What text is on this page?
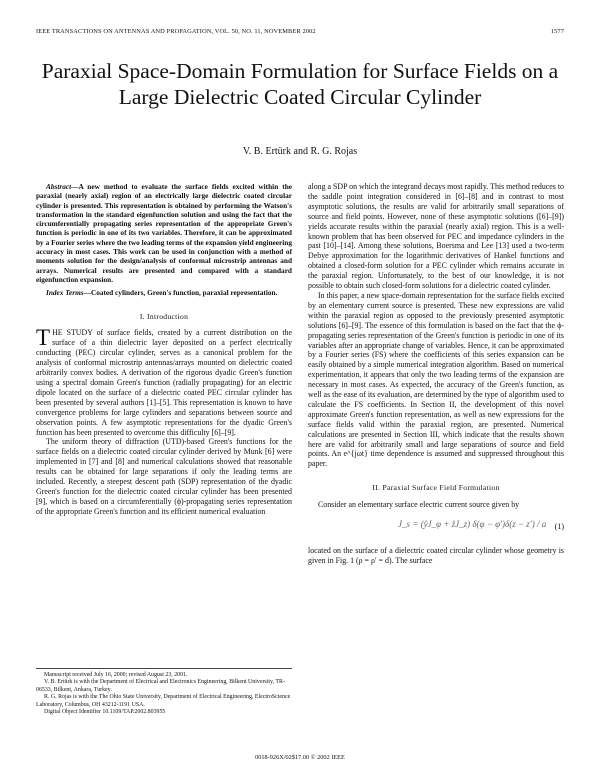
IEEE TRANSACTIONS ON ANTENNAS AND PROPAGATION, VOL. 50, NO. 11, NOVEMBER 2002	1577
Paraxial Space-Domain Formulation for Surface Fields on a Large Dielectric Coated Circular Cylinder
V. B. Ertürk and R. G. Rojas

Abstract—A new method to evaluate the surface fields excited within the paraxial (nearly axial) region of an electrically large dielectric coated circular cylinder is presented. This representation is obtained by performing the Watson's transformation in the standard eigenfunction solution and using the fact that the circumferentially propagating series representation of the appropriate Green's function is periodic in one of its two variables. Therefore, it can be approximated by a Fourier series where the two leading terms of the expansion yield engineering accuracy in most cases. This work can be used in conjunction with a method of moments solution for the design/analysis of conformal microstrip antennas and arrays. Numerical results are presented and compared with a standard eigenfunction expansion.

Index Terms—Coated cylinders, Green's function, paraxial representation.

I. Introduction

THE STUDY of surface fields, created by a current distribution on the surface of a thin dielectric layer deposited on a perfect electrically conducting (PEC) circular cylinder, serves as a canonical problem for the analysis of conformal microstrip antennas/arrays mounted on dielectric coated arbitrarily convex bodies. A derivation of the rigorous dyadic Green's function using a spectral domain Green's function (radially propagating) for an electric dipole located on the surface of a dielectric coated PEC circular cylinder has been presented by several authors [1]–[5]. This representation is known to have convergence problems for large cylinders and separations between source and observation points. A few asymptotic representations for the dyadic Green's function has been presented to overcome this difficulty [6]–[9].

The uniform theory of diffraction (UTD)-based Green's functions for the surface fields on a dielectric coated circular cylinder derived by Munk [6] were implemented in [7] and [8] and numerical calculations showed that reasonable results can be obtained for large separations if only the leading terms are included. Recently, a steepest descent path (SDP) representation of the dyadic Green's function for the dielectric coated circular cylinder has been presented [9], which is based on a circumferentially (ϕ)-propagating series representation of the appropriate Green's function and its efficient numerical evaluation

Manuscript received July 16, 2000; revised August 23, 2001.
V. B. Ertürk is with the Department of Electrical and Electronics Engineering, Bilkent University, TR-06533, Bilkent, Ankara, Turkey.
R. G. Rojas is with the The Ohio State University, Department of Electrical Engineering, ElectroScience Laboratory, Columbus, OH 43212-1191 USA.
Digital Object Identifier 10.1109/TAP.2002.803955

along a SDP on which the integrand decays most rapidly. This method reduces to the saddle point integration considered in [6]–[8] and in contrast to most asymptotic solutions, the results are valid for arbitrarily small separations of source and field points. However, none of these asymptotic solutions ([6]–[9]) yields accurate results within the paraxial (nearly axial) region. This is a well-known problem that has been observed for PEC and impedance cylinders in the past [10]–[14]. Among these solutions, Boersma and Lee [13] used a two-term Debye approximation for the logarithmic derivatives of Hankel functions and obtained a closed-form solution for a PEC cylinder which remains accurate in the paraxial region. Unfortunately, to the best of our knowledge, it is not possible to obtain such closed-form solutions for a dielectric coated cylinder.

In this paper, a new space-domain representation for the surface fields excited by an elementary current source is presented. These new expressions are valid within the paraxial region as opposed to the previously presented asymptotic solutions [6]–[9]. The essence of this formulation is based on the fact that the ϕ-propagating series representation of the Green's function is periodic in one of its variables after an appropriate change of variables. Hence, it can be approximated by a Fourier series (FS) where the coefficients of this series expansion can be easily obtained by a simple numerical integration algorithm. Based on numerical experimentation, it appears that only the two leading terms of the expansion are necessary in most cases. As expected, the accuracy of the Green's function, as well as the ease of its evaluation, are determined by the type of algorithm used to calculate the FS coefficients. In Section II, the development of this novel approximate Green's function representation, as well as new expressions for the surface fields valid within the paraxial region, are presented. Numerical calculations are presented in Section III, which indicate that the results shown here are valid for arbitrarily small and large separations of source and field points. An e^{jωt} time dependence is assumed and suppressed throughout this paper.

II. Paraxial Surface Field Formulation

Consider an elementary surface electric current source given by

J_s = (ŷJ_φ + ẑJ_z) δ(φ − φ′)δ(z − z′) / a (1)

located on the surface of a dielectric coated circular cylinder whose geometry is given in Fig. 1 (ρ = ρ′ = d). The surface

0018-926X/02$17.00 © 2002 IEEE
